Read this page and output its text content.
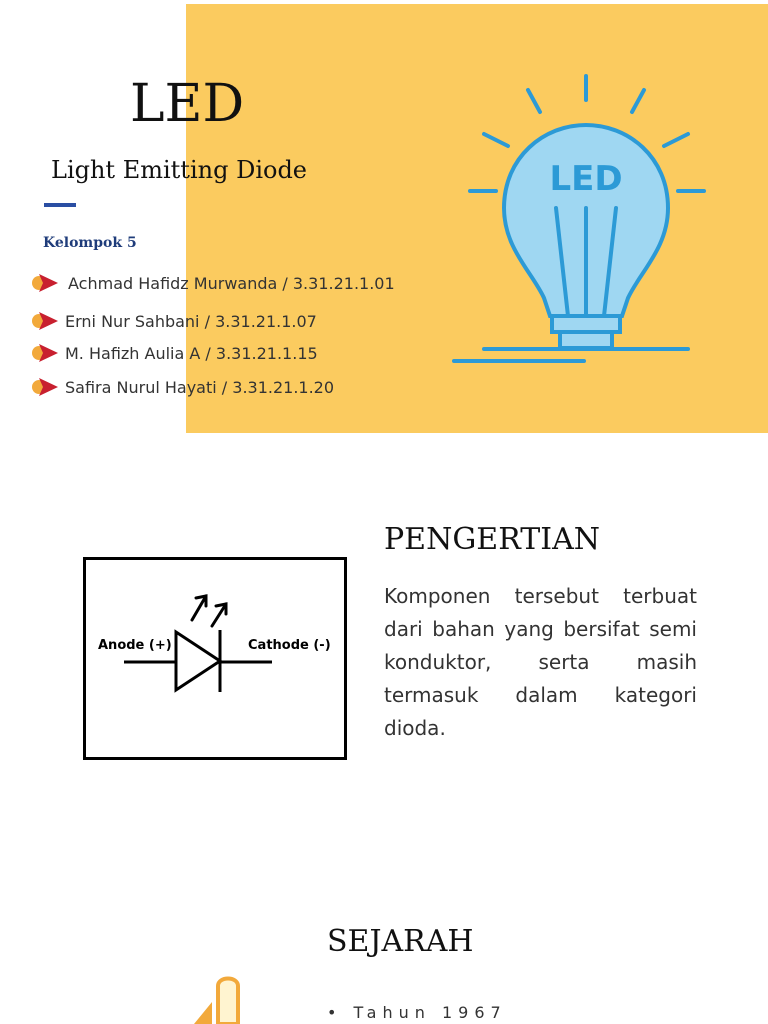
LED
Light Emitting Diode
Kelompok 5
Achmad Hafidz Murwanda / 3.31.21.1.01
Erni Nur Sahbani / 3.31.21.1.07
M. Hafizh Aulia A / 3.31.21.1.15
Safira Nurul Hayati / 3.31.21.1.20
LED
Anode (+)	Cathode (-)
PENGERTIAN
Komponen tersebut terbuat dari bahan yang bersifat semi konduktor, serta masih termasuk dalam kategori dioda.
SEJARAH
• Tahun 1967
